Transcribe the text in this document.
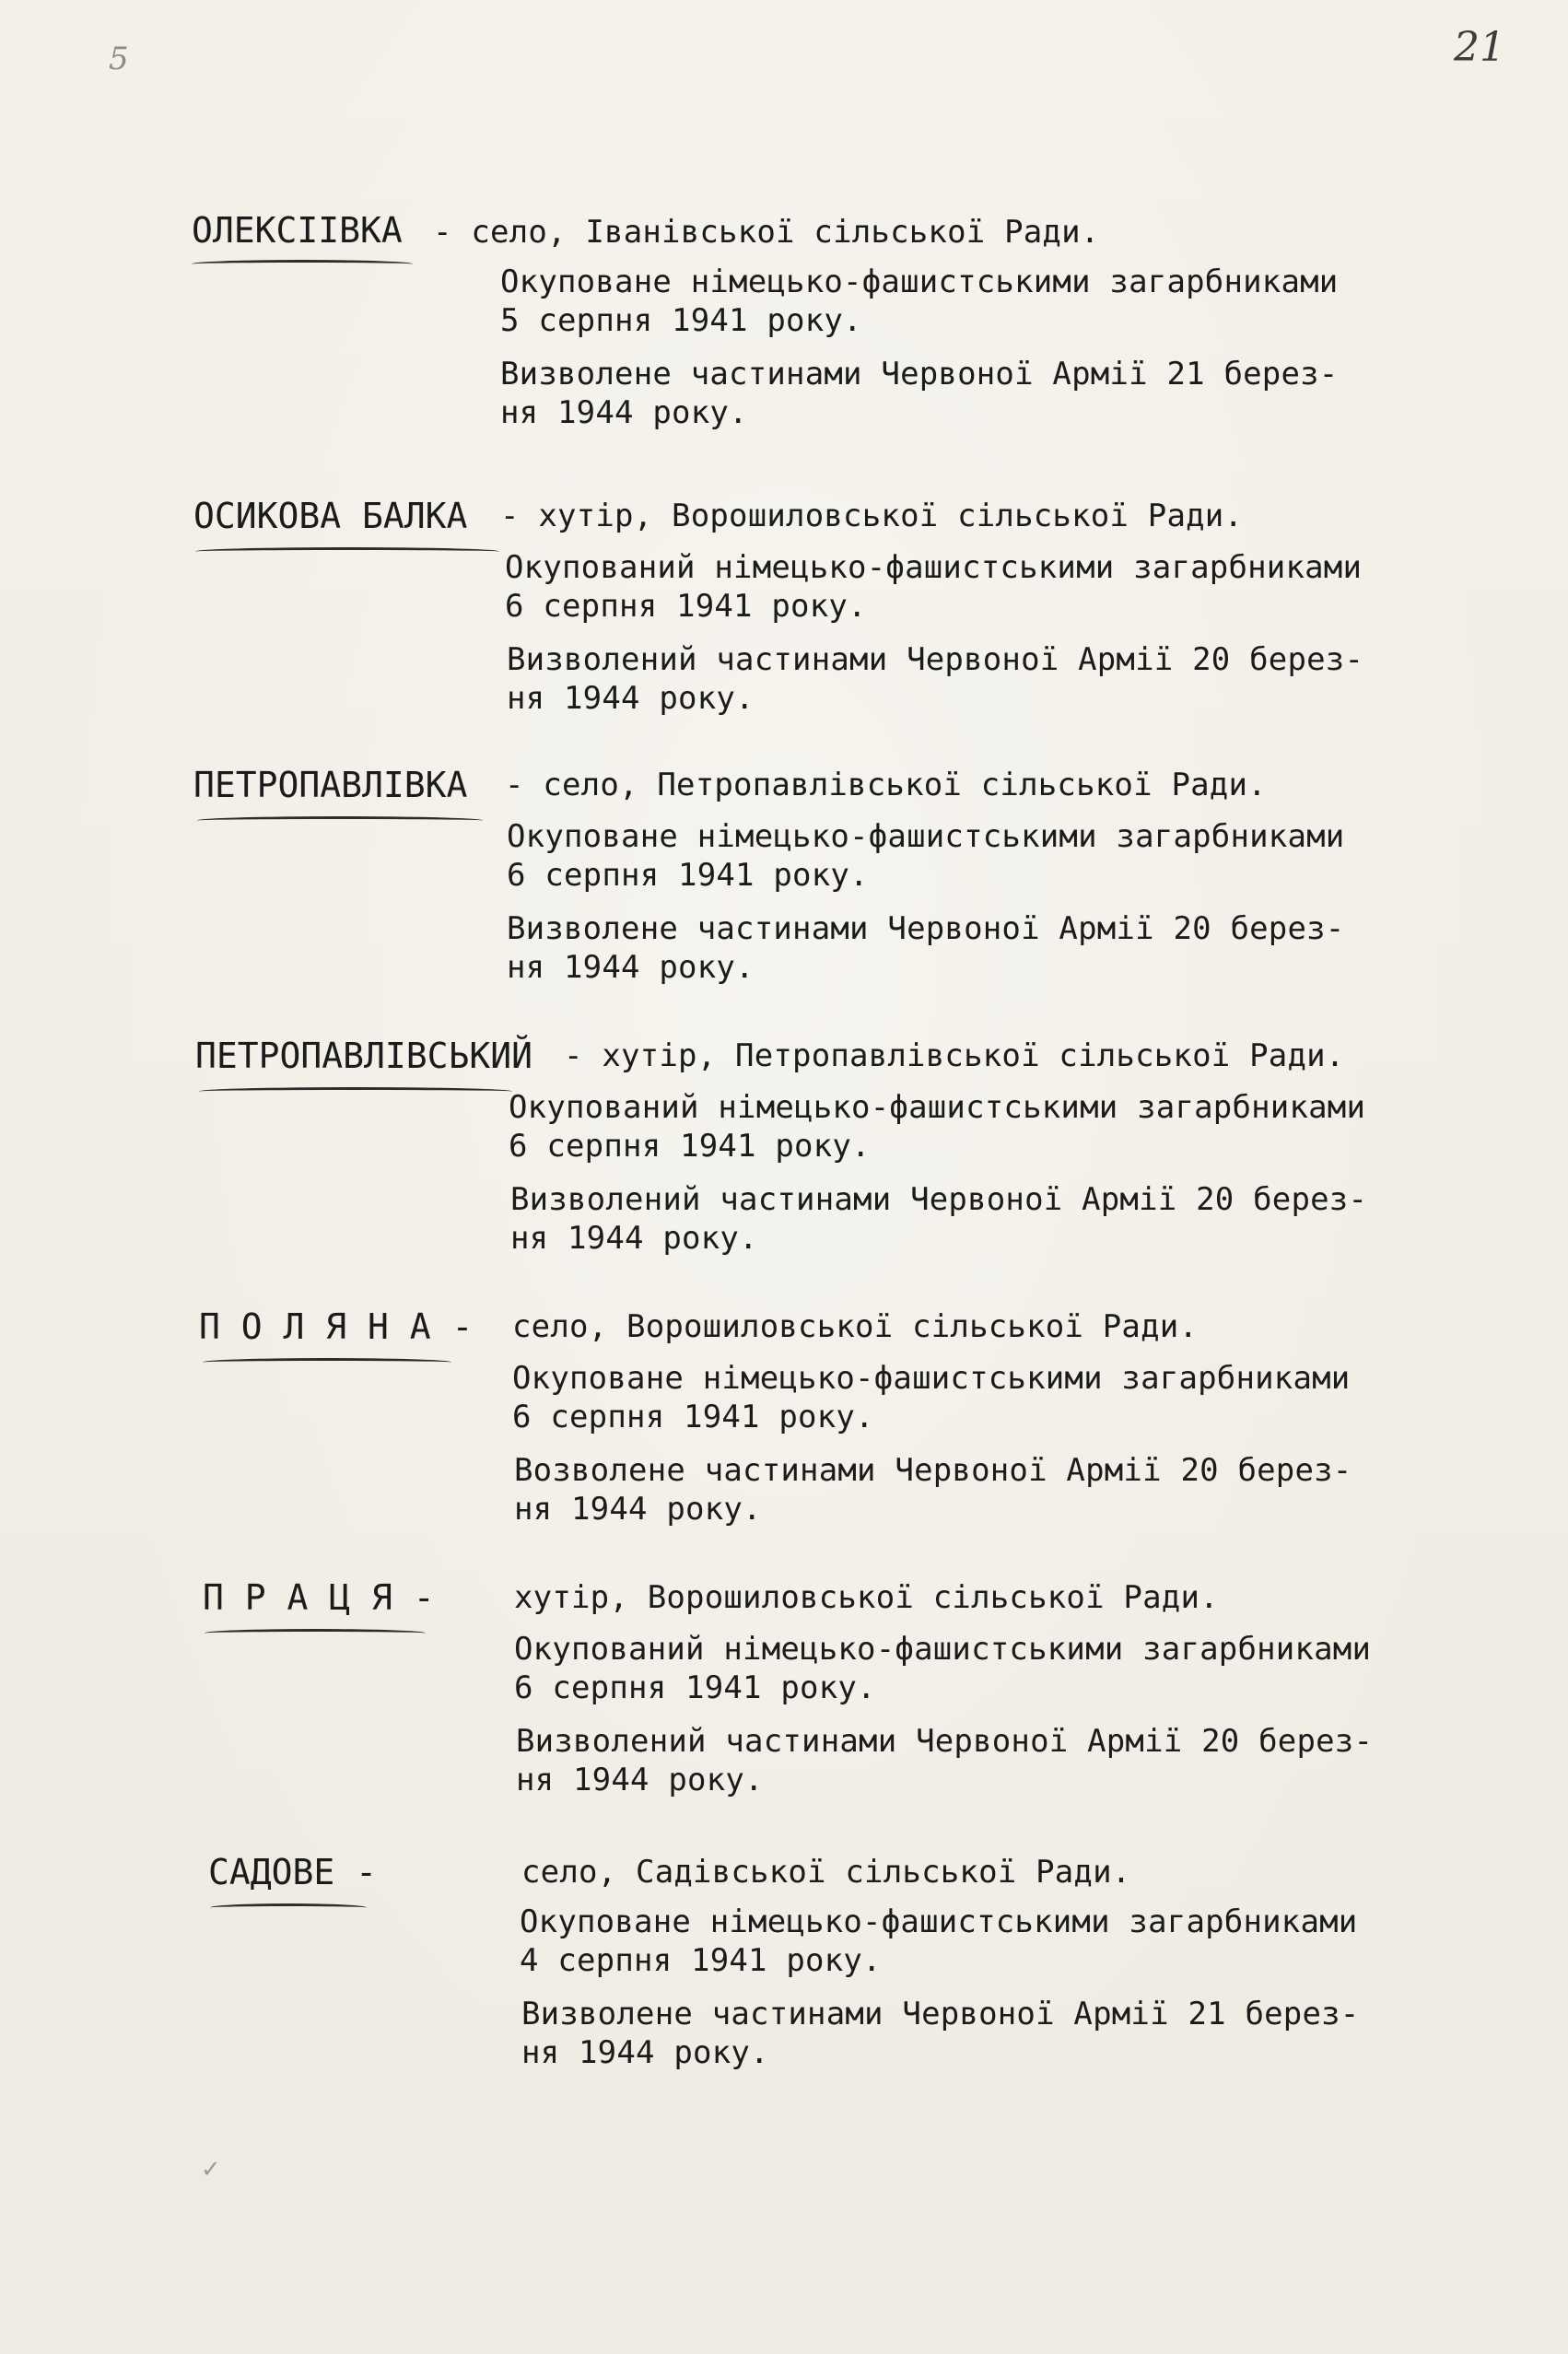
5	21
ОЛЕКСІІВКА - село, Іванівської сільської Ради.
Окуповане німецько-фашистськими загарбниками
5 серпня 1941 року.
Визволене частинами Червоної Армії 21 берез-
ня 1944 року.
ОСИКОВА БАЛКА - хутір, Ворошиловської сільської Ради.
Окупований німецько-фашистськими загарбниками
6 серпня 1941 року.
Визволений частинами Червоної Армії 20 берез-
ня 1944 року.
ПЕТРОПАВЛІВКА - село, Петропавлівської сільської Ради.
Окуповане німецько-фашистськими загарбниками
6 серпня 1941 року.
Визволене частинами Червоної Армії 20 берез-
ня 1944 року.
ПЕТРОПАВЛІВСЬКИЙ - хутір, Петропавлівської сільської Ради.
Окупований німецько-фашистськими загарбниками
6 серпня 1941 року.
Визволений частинами Червоної Армії 20 берез-
ня 1944 року.
П О Л Я Н А - село, Ворошиловської сільської Ради.
Окуповане німецько-фашистськими загарбниками
6 серпня 1941 року.
Возволене частинами Червоної Армії 20 берез-
ня 1944 року.
П Р А Ц Я -	хутір, Ворошиловської сільської Ради.
Окупований німецько-фашистськими загарбниками
6 серпня 1941 року.
Визволений частинами Червоної Армії 20 берез-
ня 1944 року.
САДОВЕ -	село, Садівської сільської Ради.
Окуповане німецько-фашистськими загарбниками
4 серпня 1941 року.
Визволене частинами Червоної Армії 21 берез-
ня 1944 року.
✓
